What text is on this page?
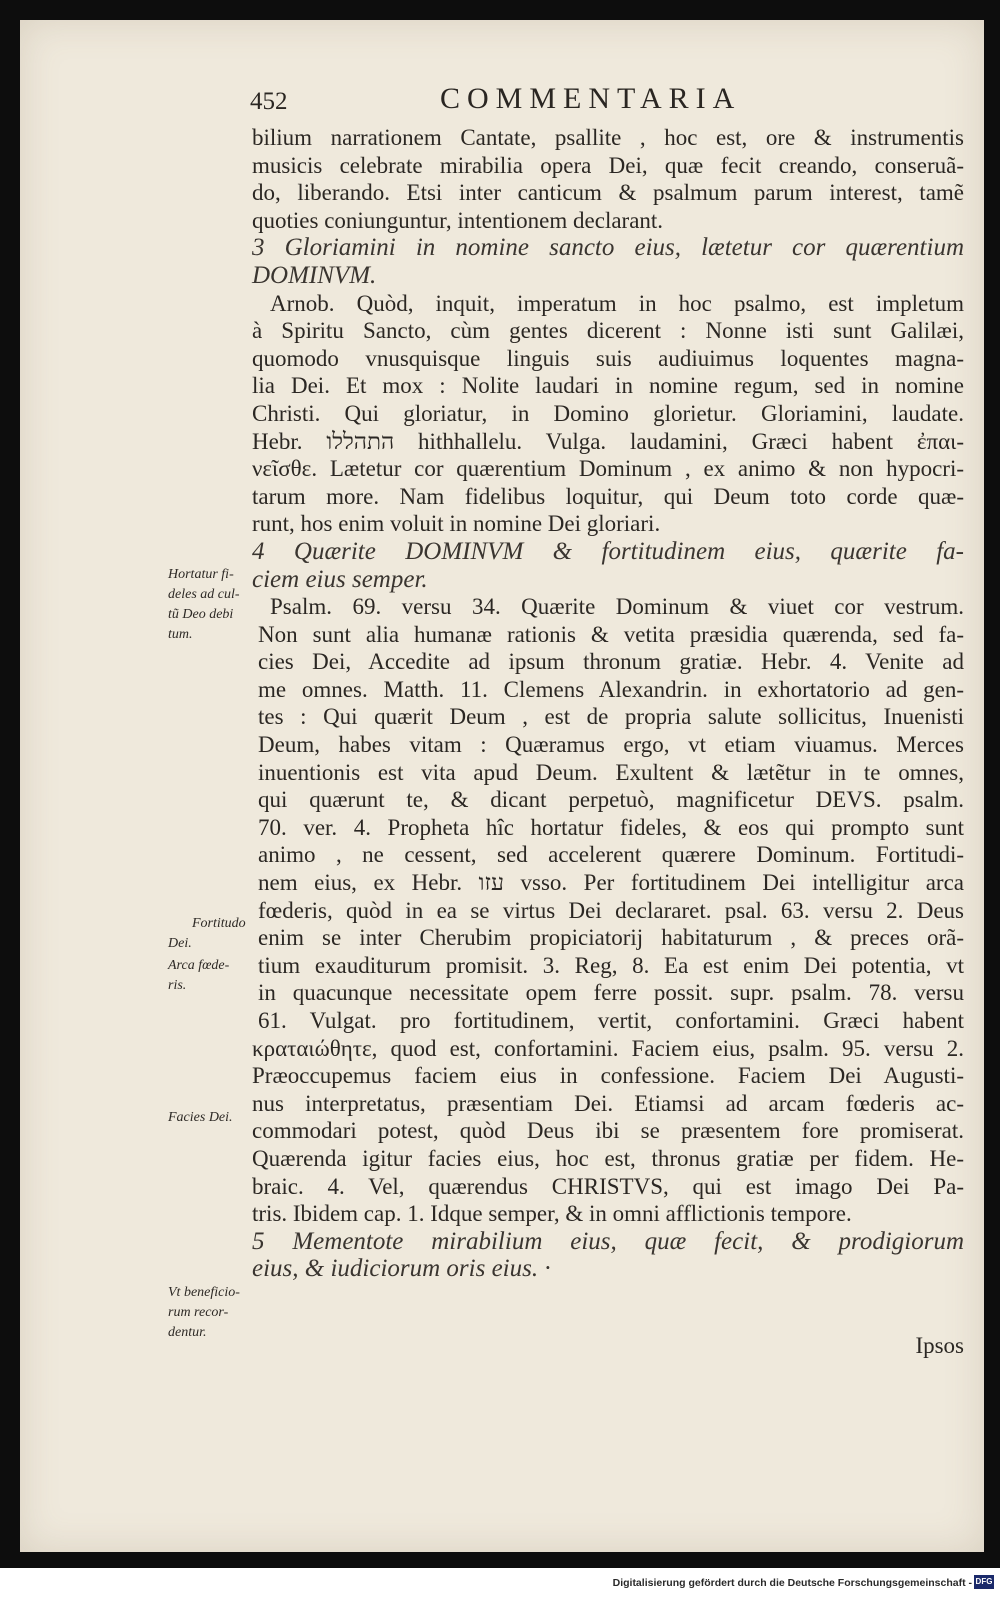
452	COMMENTARIA
bilium narrationem Cantate, psallite , hoc est, ore & instrumentis
musicis celebrate mirabilia opera Dei, quæ fecit creando, conseruã-
do, liberando. Etsi inter canticum & psalmum parum interest, tamẽ
quoties coniunguntur, intentionem declarant.
3 Gloriamini in nomine sancto eius, lætetur cor quærentium
DOMINVM.
Arnob. Quòd, inquit, imperatum in hoc psalmo, est impletum
à Spiritu Sancto, cùm gentes dicerent : Nonne isti sunt Galilæi,
quomodo vnusquisque linguis suis audiuimus loquentes magna-
lia Dei. Et mox : Nolite laudari in nomine regum, sed in nomine
Christi. Qui gloriatur, in Domino glorietur. Gloriamini, laudate.
Hebr. התהללו hithhallelu. Vulga. laudamini, Græci habent ἐπαι-
νεῖσθε. Lætetur cor quærentium Dominum , ex animo & non hypocri-
tarum more. Nam fidelibus loquitur, qui Deum toto corde quæ-
runt, hos enim voluit in nomine Dei gloriari.
4 Quærite DOMINVM & fortitudinem eius, quærite fa-
ciem eius semper.
Psalm. 69. versu 34. Quærite Dominum & viuet cor vestrum.
Non sunt alia humanæ rationis & vetita præsidia quærenda, sed fa-
cies Dei, Accedite ad ipsum thronum gratiæ. Hebr. 4. Venite ad
me omnes. Matth. 11. Clemens Alexandrin. in exhortatorio ad gen-
tes : Qui quærit Deum , est de propria salute sollicitus, Inuenisti
Deum, habes vitam : Quæramus ergo, vt etiam viuamus. Merces
inuentionis est vita apud Deum. Exultent & lætẽtur in te omnes,
qui quærunt te, & dicant perpetuò, magnificetur DEVS. psalm.
70. ver. 4. Propheta hîc hortatur fideles, & eos qui prompto sunt
animo , ne cessent, sed accelerent quærere Dominum. Fortitudi-
nem eius, ex Hebr. עזו vsso. Per fortitudinem Dei intelligitur arca
fœderis, quòd in ea se virtus Dei declararet. psal. 63. versu 2. Deus
enim se inter Cherubim propiciatorij habitaturum , & preces orã-
tium exauditurum promisit. 3. Reg, 8. Ea est enim Dei potentia, vt
in quacunque necessitate opem ferre possit. supr. psalm. 78. versu
61. Vulgat. pro fortitudinem, vertit, confortamini. Græci habent
κραταιώθητε, quod est, confortamini. Faciem eius, psalm. 95. versu 2.
Præoccupemus faciem eius in confessione. Faciem Dei Augusti-
nus interpretatus, præsentiam Dei. Etiamsi ad arcam fœderis ac-
commodari potest, quòd Deus ibi se præsentem fore promiserat.
Quærenda igitur facies eius, hoc est, thronus gratiæ per fidem. He-
braic. 4. Vel, quærendus CHRISTVS, qui est imago Dei Pa-
tris. Ibidem cap. 1. Idque semper, & in omni afflictionis tempore.
5 Mementote mirabilium eius, quæ fecit, & prodigiorum
eius, & iudiciorum oris eius. ·
Hortatur fi-
deles ad cul-
tũ Deo debi
tum.
Fortitudo
Dei.
Arca fœde-
ris.
Facies Dei.
Vt beneficio-
rum recor-
dentur.
Ipsos
Digitalisierung gefördert durch die Deutsche Forschungsgemeinschaft - DFG
